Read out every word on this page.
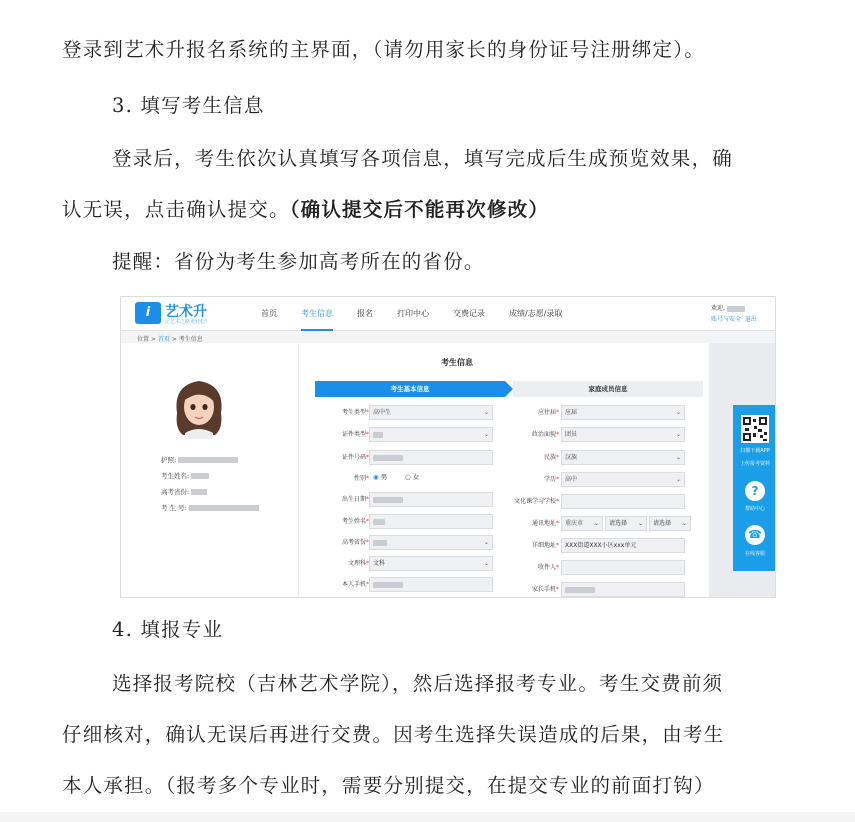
登录到艺术升报名系统的主界面，（请勿用家长的身份证号注册绑定）。
3. 填写考生信息
登录后，考生依次认真填写各项信息，填写完成后生成预览效果，确
认无误，点击确认提交。（确认提交后不能再次修改）
提醒：省份为考生参加高考所在的省份。
i	艺术升
让艺术之路更轻松!
首页	考生信息	报名	打印中心	交费记录	成绩/志愿/录取
欢迎,
账号与安全 退出
位置 > 首页 > 考生信息
护照:
考生姓名:
高考省份:
考 生 号:
考生信息
考生基本信息	家庭成员信息
考生类型* 高中生	⌄
证件类型*	⌄
证件号码*
性别* ◉ 男	○ 女
出生日期*
考生姓名*
高考省份*	⌄
文理科* 文科	⌄
本人手机*
应往届*	应届	⌄
政治面貌*	团员	⌄
民族*	汉族	⌄
学历*	高中	⌄
文化课学习学校*
通讯地址*	重庆市 ⌄	请选择 ⌄	请选择 ⌄
详细地址*	XXX街道XXX小区xxx单元
收件人*
家长手机*
扫描下载APP
上传报考资料
?
帮助中心
☎
在线客服
4. 填报专业
选择报考院校（吉林艺术学院），然后选择报考专业。考生交费前须
仔细核对，确认无误后再进行交费。因考生选择失误造成的后果，由考生
本人承担。（报考多个专业时，需要分别提交，在提交专业的前面打钩）
